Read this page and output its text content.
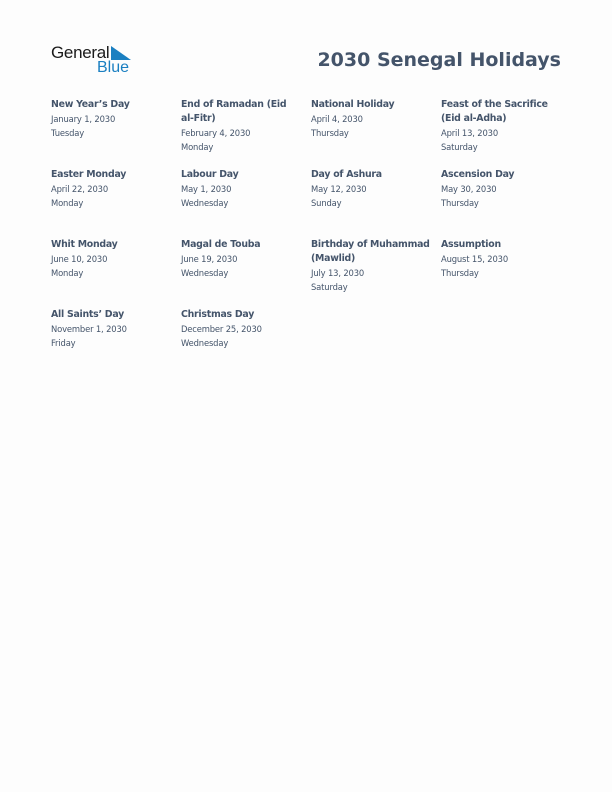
General
Blue	2030 Senegal Holidays
New Year’s Day
January 1, 2030
Tuesday
End of Ramadan (Eid al-Fitr)
February 4, 2030
Monday
National Holiday
April 4, 2030
Thursday
Feast of the Sacrifice (Eid al-Adha)
April 13, 2030
Saturday
Easter Monday
April 22, 2030
Monday
Labour Day
May 1, 2030
Wednesday
Day of Ashura
May 12, 2030
Sunday
Ascension Day
May 30, 2030
Thursday
Whit Monday
June 10, 2030
Monday
Magal de Touba
June 19, 2030
Wednesday
Birthday of Muhammad (Mawlid)
July 13, 2030
Saturday
Assumption
August 15, 2030
Thursday
All Saints’ Day
November 1, 2030
Friday
Christmas Day
December 25, 2030
Wednesday
